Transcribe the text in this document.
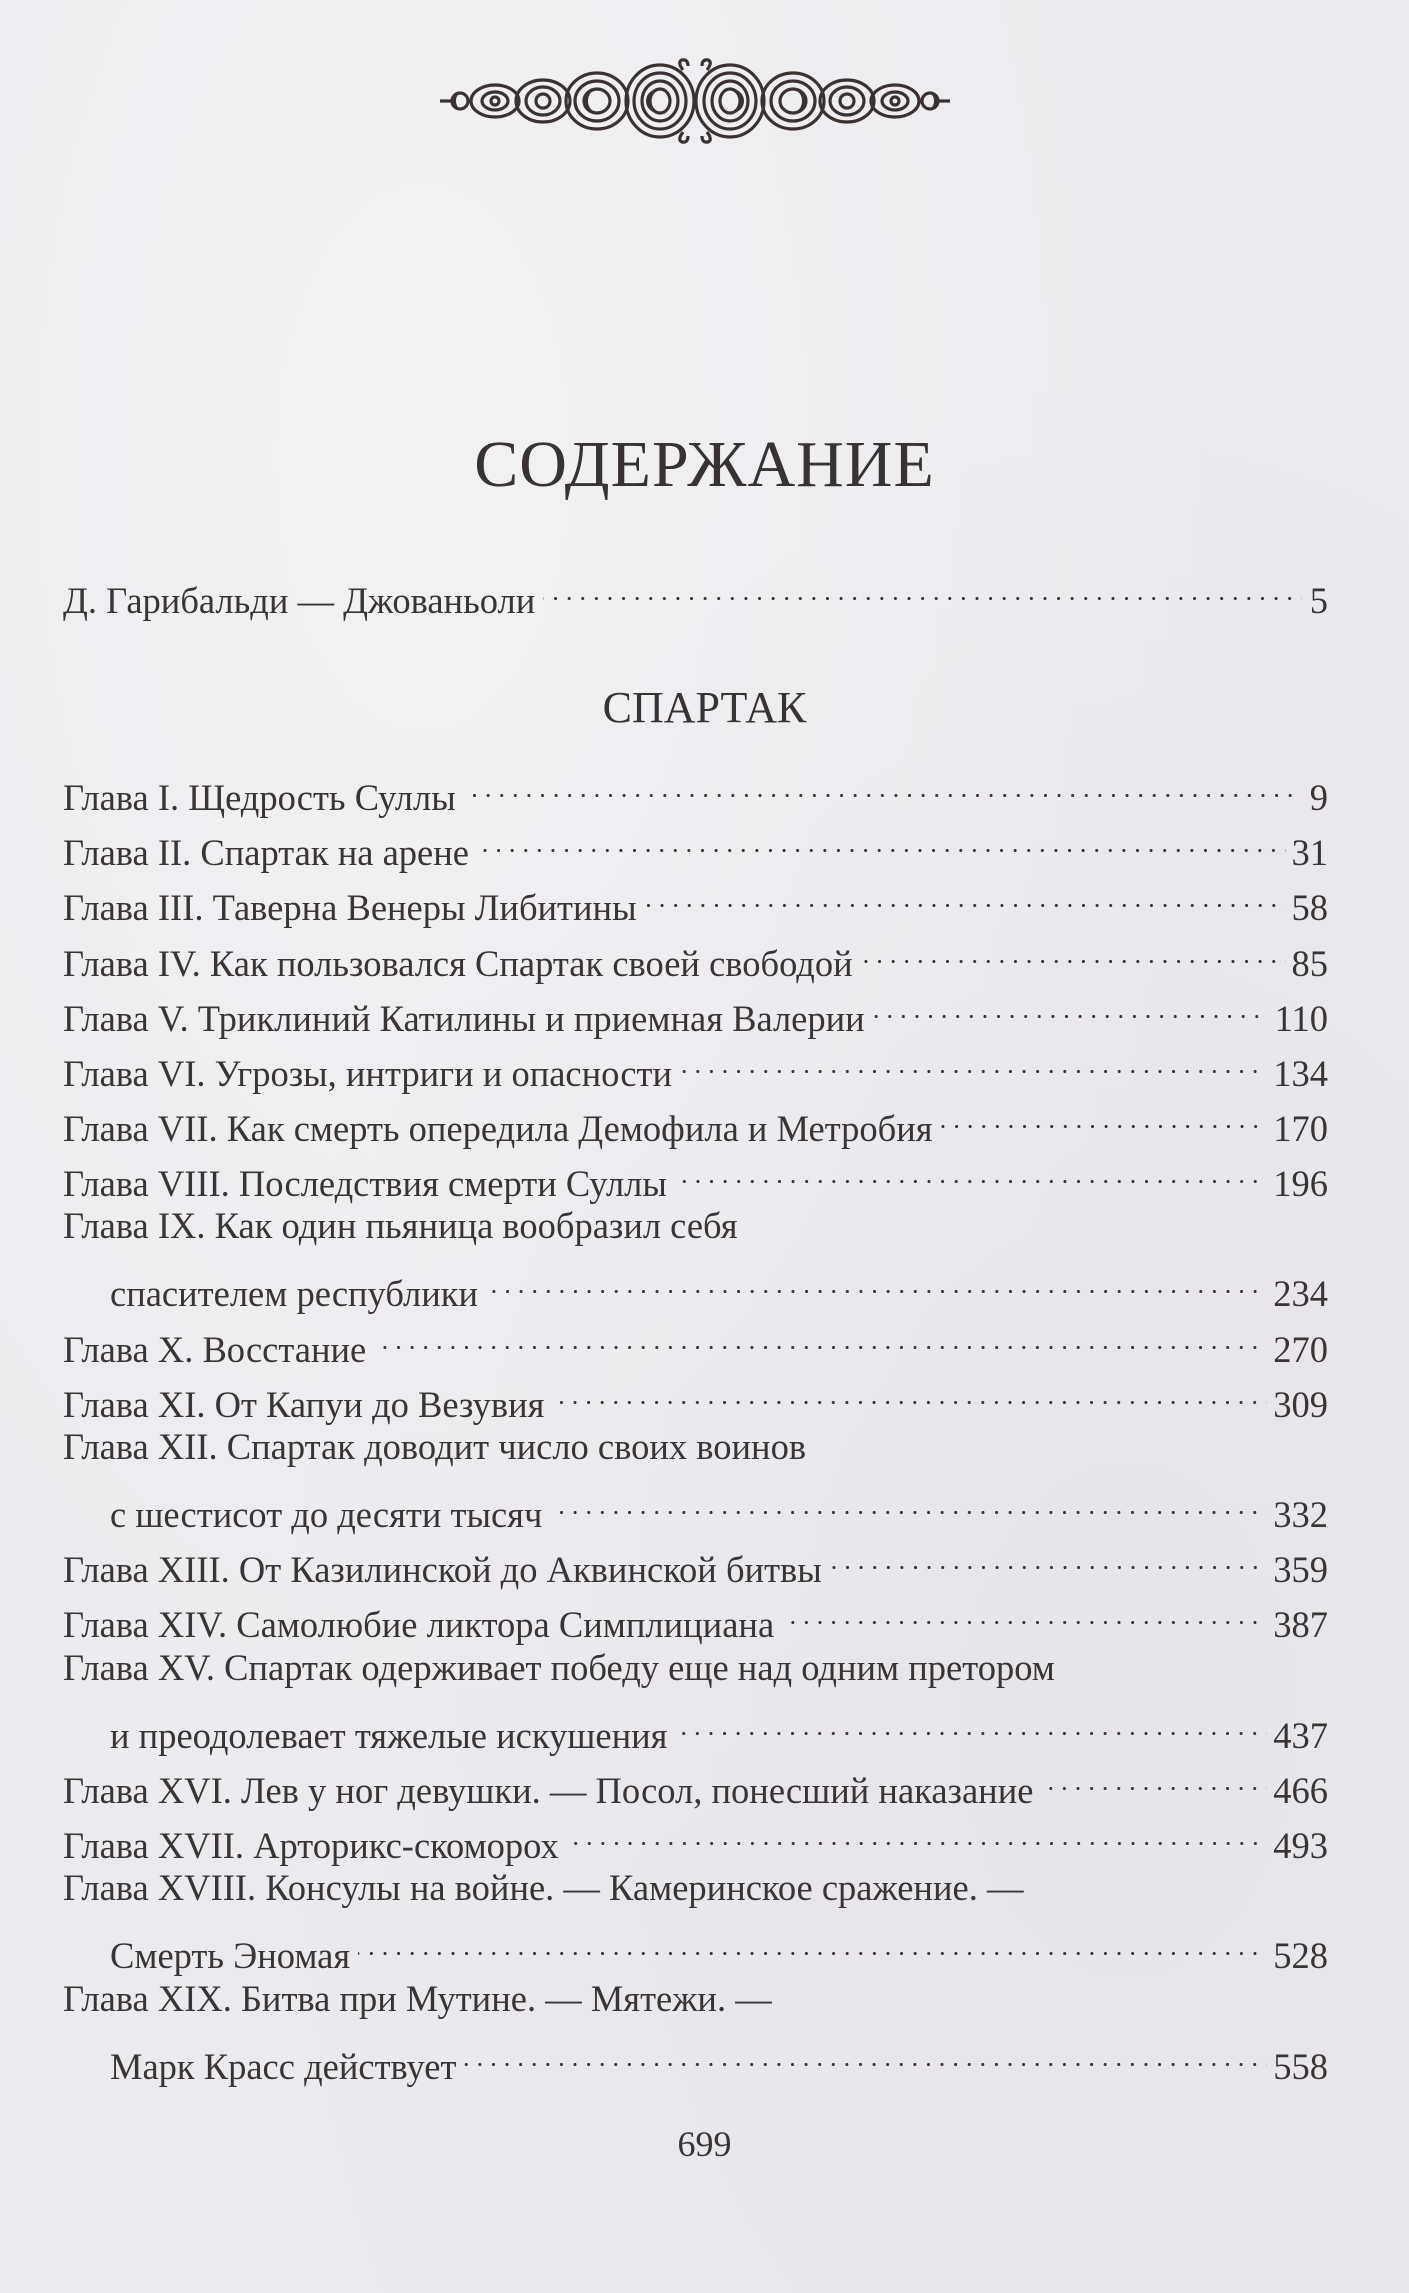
СОДЕРЖАНИЕ
Д. Гарибальди — Джованьоли	5
СПАРТАК
Глава I. Щедрость Суллы	9
Глава II. Спартак на арене	31
Глава III. Таверна Венеры Либитины	58
Глава IV. Как пользовался Спартак своей свободой	85
Глава V. Триклиний Катилины и приемная Валерии	110
Глава VI. Угрозы, интриги и опасности	134
Глава VII. Как смерть опередила Демофила и Метробия	170
Глава VIII. Последствия смерти Суллы	196
Глава IX. Как один пьяница вообразил себя
спасителем республики	234
Глава X. Восстание	270
Глава XI. От Капуи до Везувия	309
Глава XII. Спартак доводит число своих воинов
с шестисот до десяти тысяч	332
Глава XIII. От Казилинской до Аквинской битвы	359
Глава XIV. Самолюбие ликтора Симплициана	387
Глава XV. Спартак одерживает победу еще над одним претором
и преодолевает тяжелые искушения	437
Глава XVI. Лев у ног девушки. — Посол, понесший наказание	466
Глава XVII. Арторикс-скоморох	493
Глава XVIII. Консулы на войне. — Камеринское сражение. —
Смерть Эномая	528
Глава XIX. Битва при Мутине. — Мятежи. —
Марк Красс действует	558
699
